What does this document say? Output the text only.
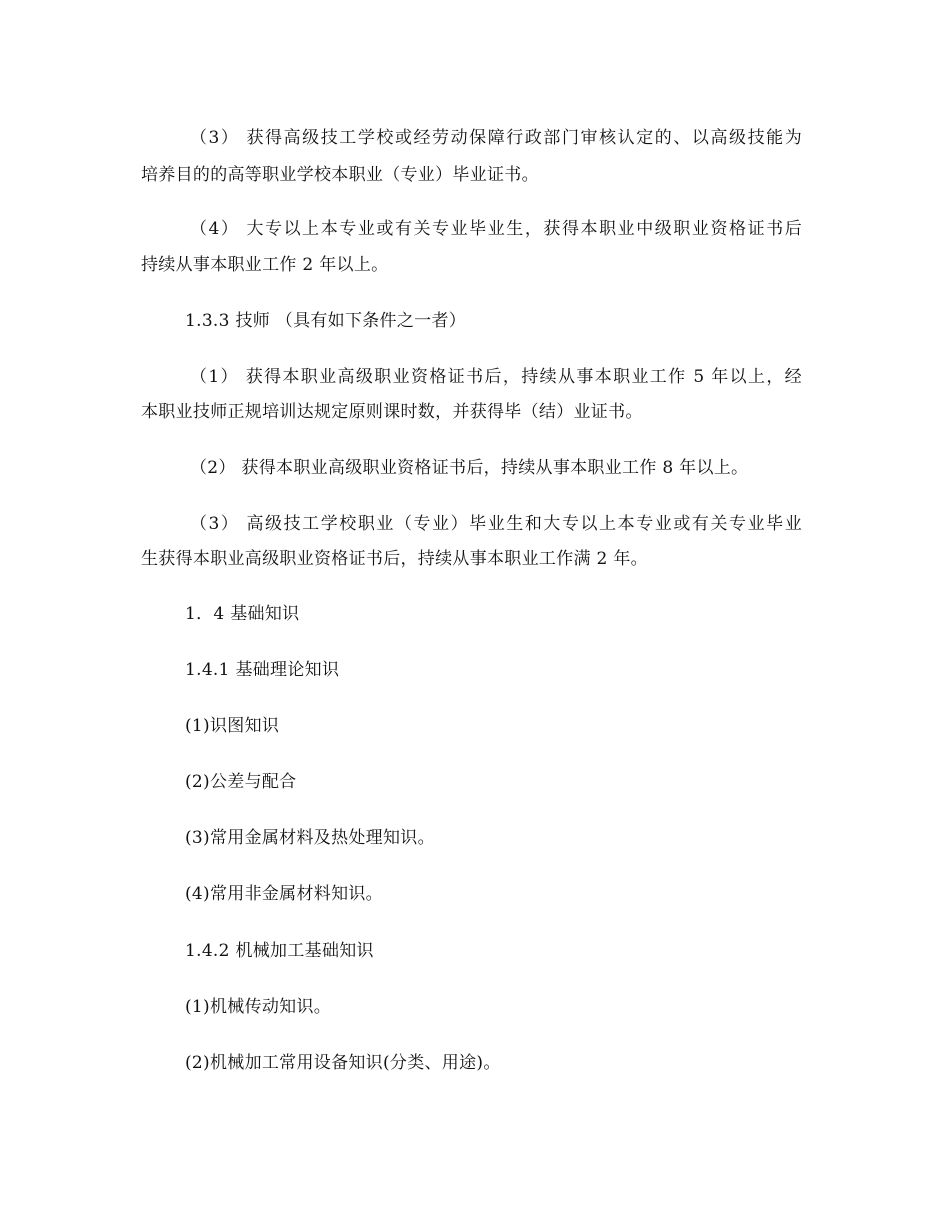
（3） 获得高级技工学校或经劳动保障行政部门审核认定的、以高级技能为
培养目的的高等职业学校本职业（专业）毕业证书。
（4） 大专以上本专业或有关专业毕业生，获得本职业中级职业资格证书后
持续从事本职业工作 2 年以上。
1.3.3 技师 （具有如下条件之一者）
（1） 获得本职业高级职业资格证书后，持续从事本职业工作 5 年以上，经
本职业技师正规培训达规定原则课时数，并获得毕（结）业证书。
（2） 获得本职业高级职业资格证书后，持续从事本职业工作 8 年以上。
（3） 高级技工学校职业（专业）毕业生和大专以上本专业或有关专业毕业
生获得本职业高级职业资格证书后，持续从事本职业工作满 2 年。
1．4 基础知识
1.4.1 基础理论知识
(1)识图知识
(2)公差与配合
(3)常用金属材料及热处理知识。
(4)常用非金属材料知识。
1.4.2 机械加工基础知识
(1)机械传动知识。
(2)机械加工常用设备知识(分类、用途)。
